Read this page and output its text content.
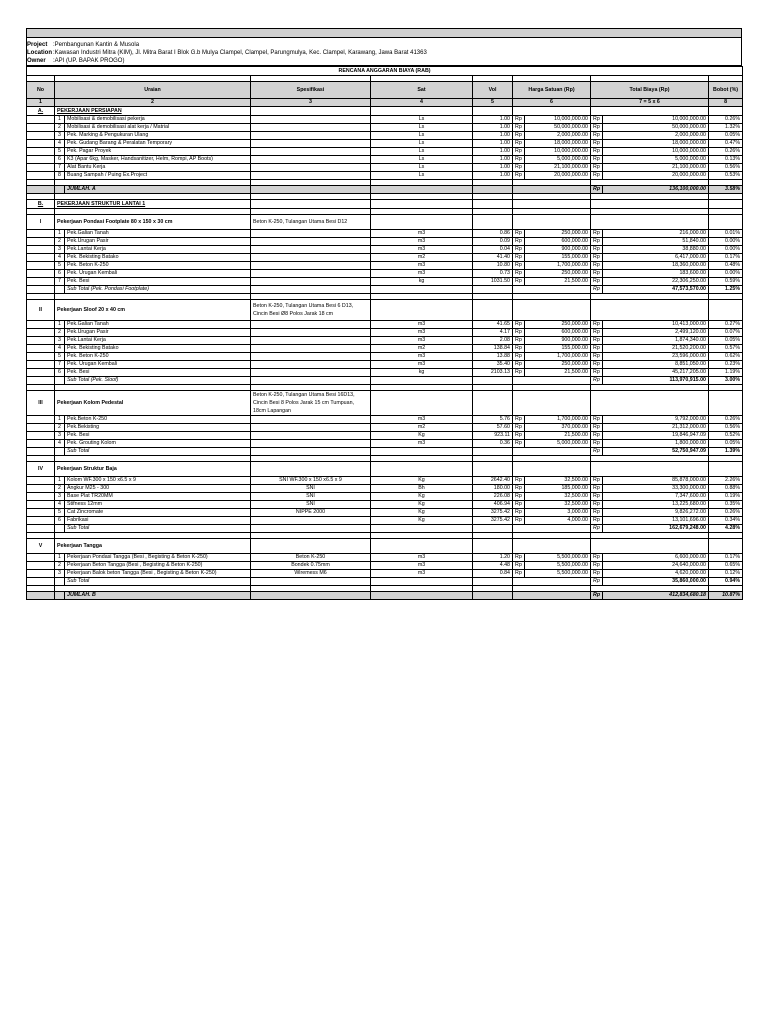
Project :Pembangunan Kantin & Musola
Location:Kawasan Industri Mitra (KIM), Jl. Mitra Barat I Blok G.b Mulya Clampel, Clampel, Parungmulya, Kec. Clampel, Karawang, Jawa Barat 41363
Owner :API (UP. BAPAK PROGO)
RENCANA ANGGARAN BIAYA (RAB)										

No	Uraian		Spesifikasi	Sat	Vol	Harga Satuan (Rp)		Total Biaya (Rp)		Bobot (%)
1	2		3	4	5	6		7 = 5 x 6		8
A.	PEKERJAAN PERSIAPAN									
	1	Mobilisasi & demobilisasi pekerja		Ls	1.00	Rp	10,000,000.00	Rp	10,000,000.00	0.26%
	2	Mobilisasi & demobilisasi alat kerja / Matrial		Ls	1.00	Rp	50,000,000.00	Rp	50,000,000.00	1.32%
	3	Pek. Marking & Pengukuran Ulang		Ls	1.00	Rp	2,000,000.00	Rp	2,000,000.00	0.05%
	4	Pek. Gudang Barang & Peralatan Temporary		Ls	1.00	Rp	18,000,000.00	Rp	18,000,000.00	0.47%
	5	Pek. Pagar Proyek		Ls	1.00	Rp	10,000,000.00	Rp	10,000,000.00	0.26%
	6	K3 (Apar 6kg, Masker, Handsanitizer, Helm, Rompi, AP Boots)		Ls	1.00	Rp	5,000,000.00	Rp	5,000,000.00	0.13%
	7	Alat Bantu Kerja		Ls	1.00	Rp	21,100,000.00	Rp	21,100,000.00	0.56%
	8	Buang Sampah / Puing Ex.Project		Ls	1.00	Rp	20,000,000.00	Rp	20,000,000.00	0.53%

		JUMLAH. A						Rp	136,100,000.00	3.58%

B.	PEKERJAAN STRUKTUR LANTAI 1									

I	Pekerjaan Pondasi Footplate 80 x 150 x 30 cm		Beton K-250, Tulangan Utama Besi D12							
	1	Pek.Galian Tanah		m3	0.86	Rp	250,000.00	Rp	216,000.00	0.01%
	2	Pek.Urugan Pasir		m3	0.09	Rp	600,000.00	Rp	51,840.00	0.00%
	3	Pek.Lantai Kerja		m3	0.04	Rp	900,000.00	Rp	38,880.00	0.00%
	4	Pek. Bekisting Batako		m2	41.40	Rp	155,000.00	Rp	6,417,000.00	0.17%
	5	Pek. Beton K-250		m3	10.80	Rp	1,700,000.00	Rp	18,360,000.00	0.48%
	6	Pek. Urugan Kembali		m3	0.73	Rp	250,000.00	Rp	183,600.00	0.00%
	7	Pek. Besi		kg	1031.50	Rp	21,500.00	Rp	22,306,250.00	0.59%
		Sub Total (Pek. Pondasi Footplate)						Rp	47,573,570.00	1.25%

II	Pekerjaan Sloof 20 x 40 cm		Beton K-250, Tulangan Utama Besi 6 D13, Cincin Besi Ø8 Polos Jarak 18 cm							
	1	Pek.Galian Tanah		m3	41.65	Rp	250,000.00	Rp	10,413,000.00	0.27%
	2	Pek.Urugan Pasir		m3	4.17	Rp	600,000.00	Rp	2,499,120.00	0.07%
	3	Pek.Lantai Kerja		m3	2.08	Rp	900,000.00	Rp	1,874,340.00	0.05%
	4	Pek. Bekisting Batako		m2	138.84	Rp	155,000.00	Rp	21,520,200.00	0.57%
	5	Pek. Beton K-250		m3	13.88	Rp	1,700,000.00	Rp	23,596,000.00	0.62%
	7	Pek. Urugan Kembali		m3	35.40	Rp	250,000.00	Rp	8,851,050.00	0.23%
	6	Pek. Besi		kg	2103.13	Rp	21,500.00	Rp	45,217,205.00	1.19%
		Sub Total (Pek. Sloof)						Rp	113,970,915.00	3.00%

III	Pekerjaan Kolom Pedestal		Beton K-250, Tulangan Utama Besi 16D13, Cincin Besi 8 Polos Jarak 15 cm Tumpuan, 18cm Lapangan							
	1	Pek.Beton K-250		m3	5.76	Rp	1,700,000.00	Rp	9,792,000.00	0.26%
	2	Pek.Bekisting		m2	57.60	Rp	370,000.00	Rp	21,312,000.00	0.56%
	3	Pek. Besi		Kg	923.11	Rp	21,500.00	Rp	19,846,947.09	0.52%
	4	Pek. Grouting Kolom		m3	0.36	Rp	5,000,000.00	Rp	1,800,000.00	0.05%
		Sub Total						Rp	52,750,947.09	1.39%

IV	Pekerjaan Struktur Baja									
	1	Kolom WF.300 x 150 x6.5 x 9	SNI WF.300 x 150 x6.5 x 9	Kg	2642.40	Rp	32,500.00	Rp	85,878,000.00	2.26%
	2	Angkur M25 - 300	SNI	Bh	180.00	Rp	185,000.00	Rp	33,300,000.00	0.88%
	3	Base Plat TR20MM	SNI	Kg	226.08	Rp	32,500.00	Rp	7,347,600.00	0.19%
	4	Stifness 12mm	SNI	Kg	406.94	Rp	32,500.00	Rp	13,225,680.00	0.35%
	5	Cat Zincromate	NIPPE 2000	Kg	3275.42	Rp	3,000.00	Rp	9,826,272.00	0.26%
	6	Fabrikasi		Kg	3275.42	Rp	4,000.00	Rp	13,101,696.00	0.34%
		Sub Total						Rp	162,679,248.00	4.28%

V	Pekerjaan Tangga									
	1	Pekerjaan Pondasi Tangga (Besi , Begisting & Beton K-250)	Beton K-250	m3	1.20	Rp	5,500,000.00	Rp	6,600,000.00	0.17%
	2	Pekerjaan Beton Tangga (Besi , Begisting & Beton K-250)	Bondek 0.75mm	m3	4.48	Rp	5,500,000.00	Rp	24,640,000.00	0.65%
	3	Pekerjaan Balok beton Tangga (Besi , Begisting & Beton K-250)	Wiremess M6	m3	0.84	Rp	5,500,000.00	Rp	4,620,000.00	0.12%
		Sub Total						Rp	35,860,000.00	0.94%

		JUMLAH. B						Rp	412,834,680.18	10.87%
